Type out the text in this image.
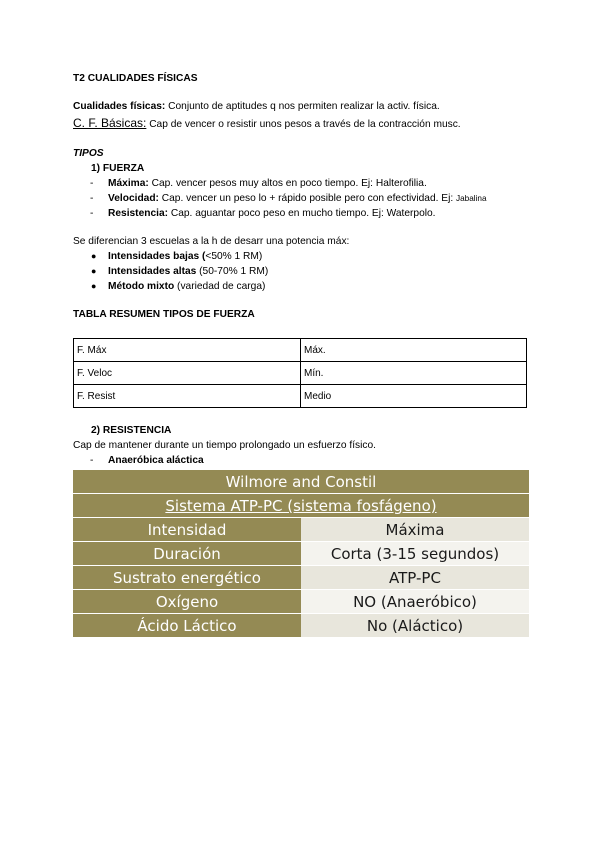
T2 CUALIDADES FÍSICAS
Cualidades físicas: Conjunto de aptitudes q nos permiten realizar la activ. física.
C. F. Básicas: Cap de vencer o resistir unos pesos a través de la contracción musc.
TIPOS
1) FUERZA
- Máxima: Cap. vencer pesos muy altos en poco tiempo. Ej: Halterofilia.
- Velocidad: Cap. vencer un peso lo + rápido posible pero con efectividad. Ej: Jabalina
- Resistencia: Cap. aguantar poco peso en mucho tiempo. Ej: Waterpolo.
Se diferencian 3 escuelas a la h de desarr una potencia máx:
● Intensidades bajas (<50% 1 RM)
● Intensidades altas (50-70% 1 RM)
● Método mixto (variedad de carga)
TABLA RESUMEN TIPOS DE FUERZA
F. Máx	Máx.
F. Veloc	Mín.
F. Resist	Medio
2) RESISTENCIA
Cap de mantener durante un tiempo prolongado un esfuerzo físico.
- Anaeróbica aláctica
Wilmore and Constil
Sistema ATP-PC (sistema fosfágeno)
Intensidad	Máxima
Duración	Corta (3-15 segundos)
Sustrato energético	ATP-PC
Oxígeno	NO (Anaeróbico)
Ácido Láctico	No (Aláctico)
